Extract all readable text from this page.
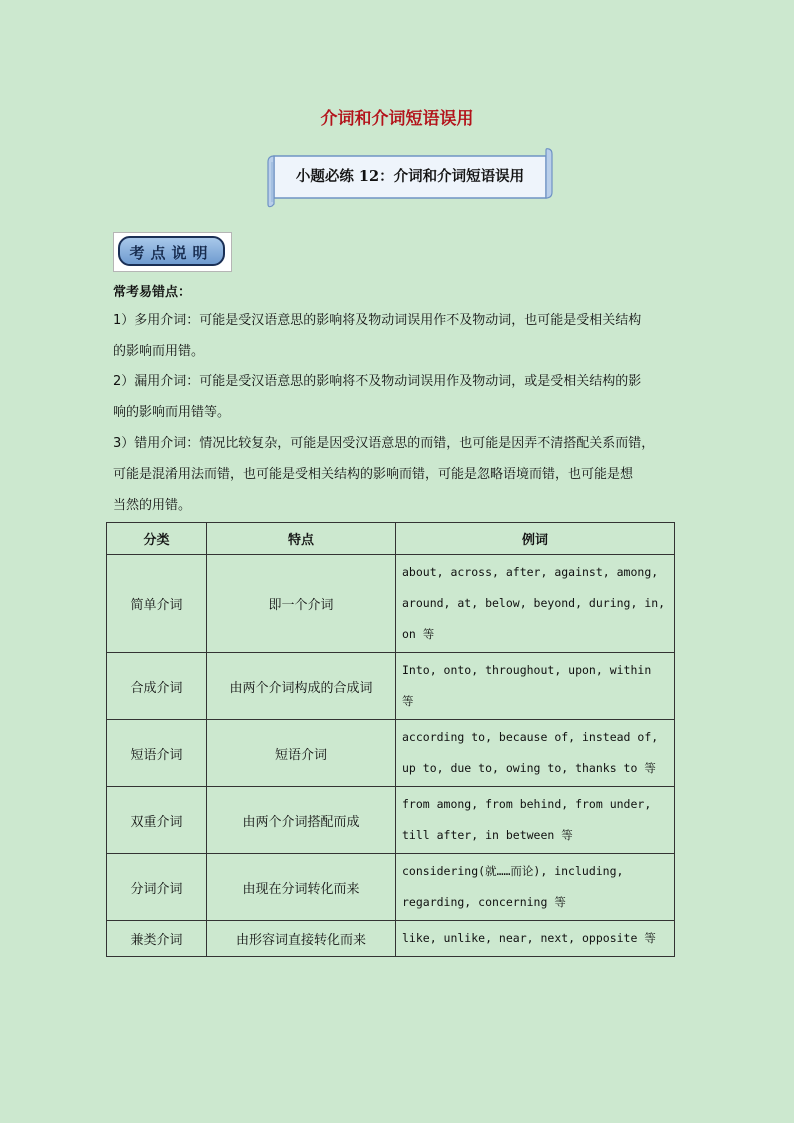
介词和介词短语误用
小题必练 12：介词和介词短语误用
考点说明
常考易错点：
1）多用介词：可能是受汉语意思的影响将及物动词误用作不及物动词，也可能是受相关结构
的影响而用错。
2）漏用介词：可能是受汉语意思的影响将不及物动词误用作及物动词，或是受相关结构的影
响的影响而用错等。
3）错用介词：情况比较复杂，可能是因受汉语意思的而错，也可能是因弄不清搭配关系而错，
可能是混淆用法而错，也可能是受相关结构的影响而错，可能是忽略语境而错，也可能是想
当然的用错。
分类	特点	例词
简单介词	即一个介词	about, across, after, against, among,
around, at, below, beyond, during, in,
on 等

合成介词	由两个介词构成的合成词	Into, onto, throughout, upon, within 等

短语介词	短语介词	according to, because of, instead of,
up to, due to, owing to, thanks to 等

双重介词	由两个介词搭配而成	from among, from behind, from under,
till after, in between 等

分词介词	由现在分词转化而来	considering(就……而论), including,
regarding, concerning 等

兼类介词	由形容词直接转化而来	like, unlike, near, next, opposite 等
